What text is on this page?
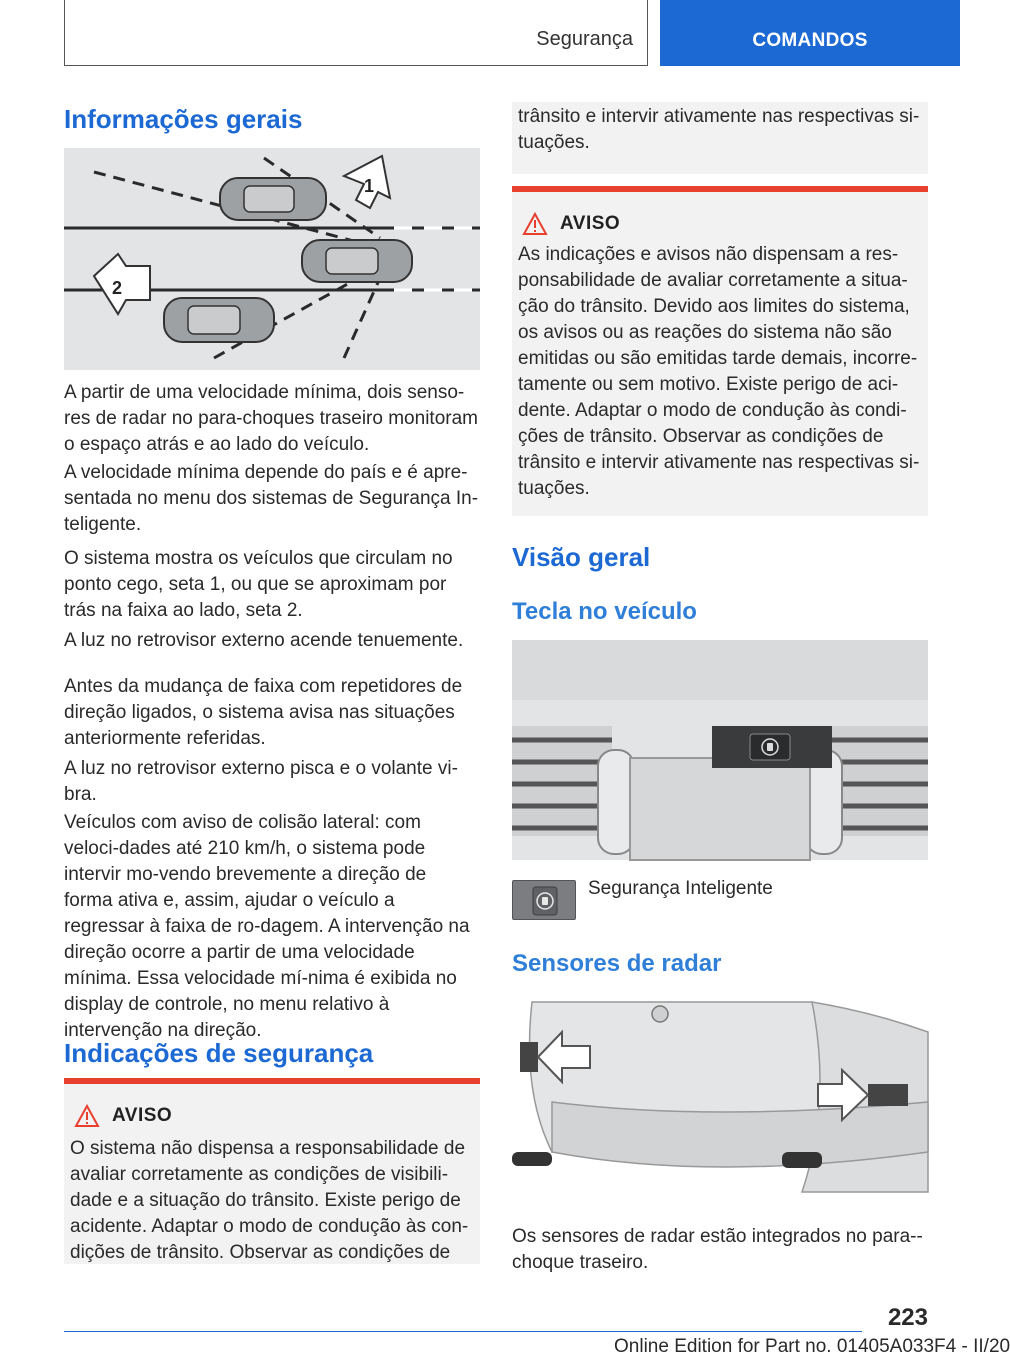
Segurança	COMANDOS
Informações gerais
1
2

A partir de uma velocidade mínima, dois senso-res de radar no para-choques traseiro monitoram o espaço atrás e ao lado do veículo.

A velocidade mínima depende do país e é apre-sentada no menu dos sistemas de Segurança In-teligente.

O sistema mostra os veículos que circulam no ponto cego, seta 1, ou que se aproximam por trás na faixa ao lado, seta 2.

A luz no retrovisor externo acende tenuemente.

Antes da mudança de faixa com repetidores de direção ligados, o sistema avisa nas situações anteriormente referidas.

A luz no retrovisor externo pisca e o volante vi-bra.

Veículos com aviso de colisão lateral: com veloci-dades até 210 km/h, o sistema pode intervir mo-vendo brevemente a direção de forma ativa e, assim, ajudar o veículo a regressar à faixa de ro-dagem. A intervenção na direção ocorre a partir de uma velocidade mínima. Essa velocidade mí-nima é exibida no display de controle, no menu relativo à intervenção na direção.

Indicações de segurança
AVISO

O sistema não dispensa a responsabilidade de avaliar corretamente as condições de visibili-dade e a situação do trânsito. Existe perigo de acidente. Adaptar o modo de condução às con-dições de trânsito. Observar as condições de

trânsito e intervir ativamente nas respectivas si-tuações.

AVISO

As indicações e avisos não dispensam a res-ponsabilidade de avaliar corretamente a situa-ção do trânsito. Devido aos limites do sistema, os avisos ou as reações do sistema não são emitidas ou são emitidas tarde demais, incorre-tamente ou sem motivo. Existe perigo de aci-dente. Adaptar o modo de condução às condi-ções de trânsito. Observar as condições de trânsito e intervir ativamente nas respectivas si-tuações.

Visão geral
Tecla no veículo
Segurança Inteligente
Sensores de radar

Os sensores de radar estão integrados no para--choque traseiro.

223
Online Edition for Part no. 01405A033F4 - II/20
